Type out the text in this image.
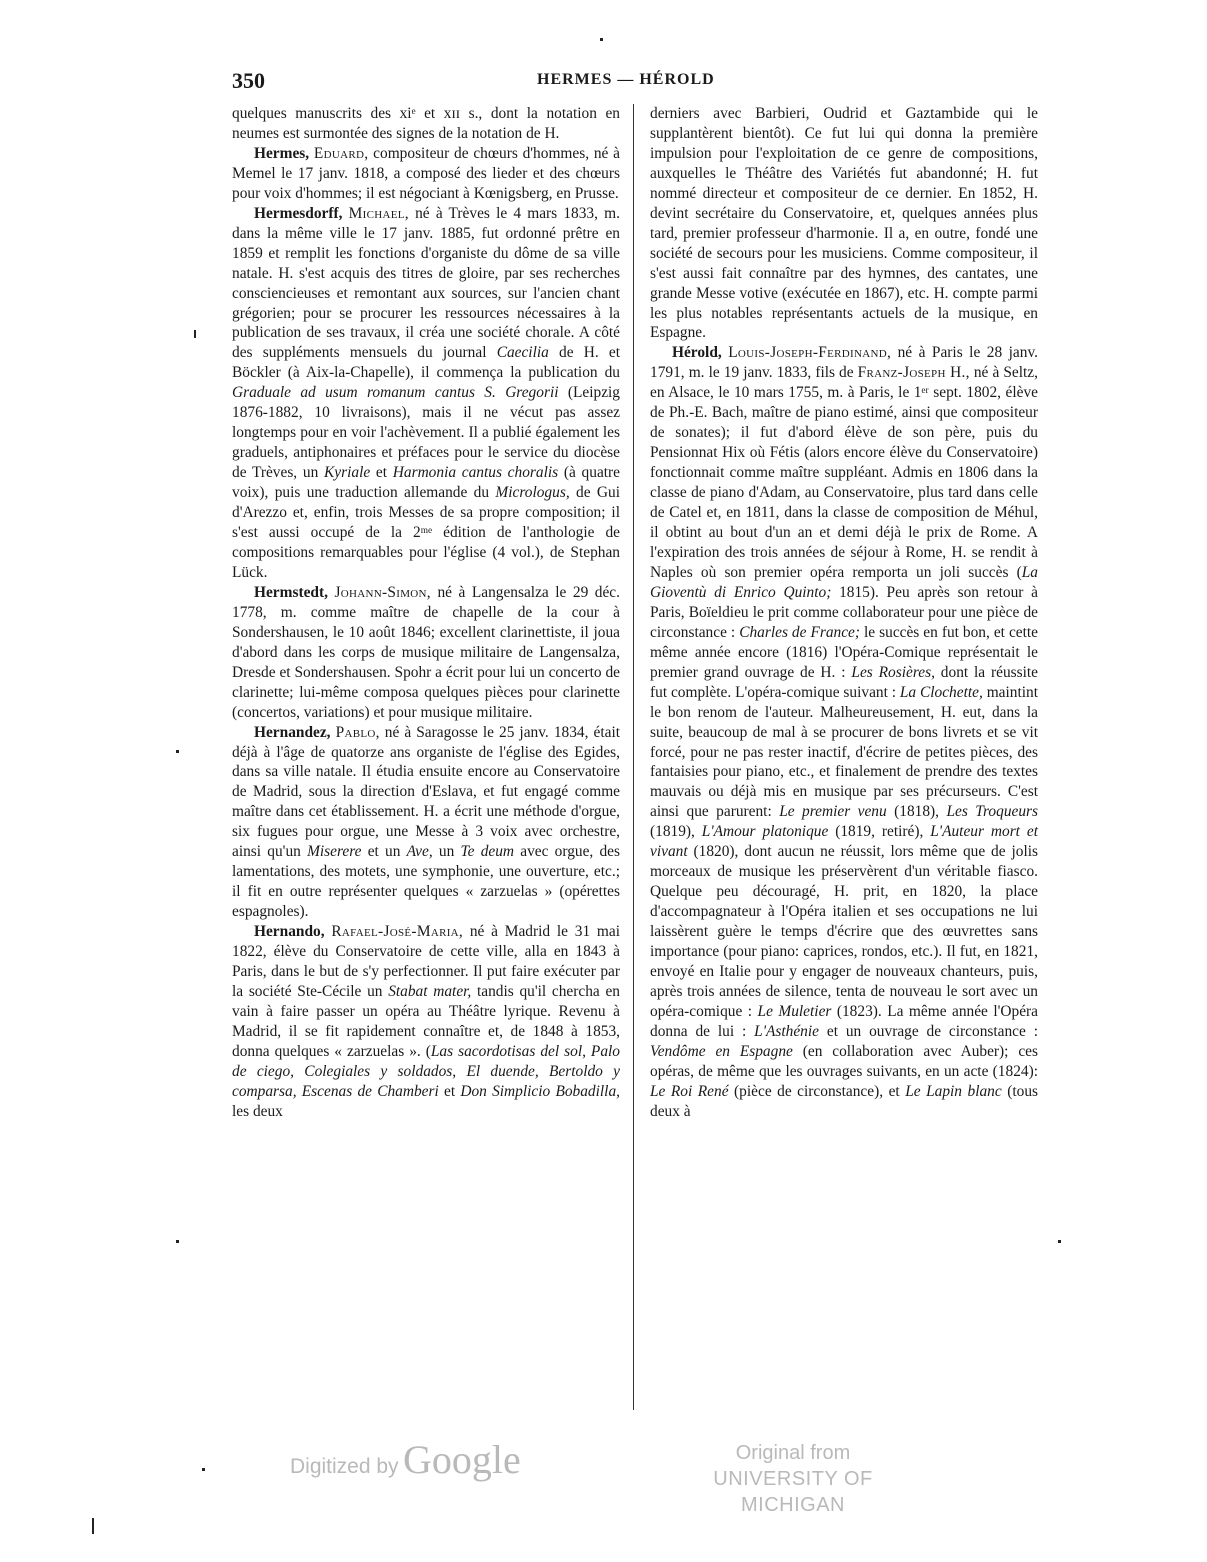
350	HERMES — HÉROLD

quelques manuscrits des xiᵉ et xɪɪ s., dont la notation en neumes est surmontée des signes de la notation de H.

Hermes, Eduard, compositeur de chœurs d'hommes, né à Memel le 17 janv. 1818, a composé des lieder et des chœurs pour voix d'hommes; il est négociant à Kœnigsberg, en Prusse.

Hermesdorff, Michael, né à Trèves le 4 mars 1833, m. dans la même ville le 17 janv. 1885, fut ordonné prêtre en 1859 et remplit les fonctions d'organiste du dôme de sa ville natale. H. s'est acquis des titres de gloire, par ses recherches consciencieuses et remontant aux sources, sur l'ancien chant grégorien; pour se procurer les ressources nécessaires à la publication de ses travaux, il créa une société chorale. A côté des suppléments mensuels du journal Caecilia de H. et Böckler (à Aix-la-Chapelle), il commença la publication du Graduale ad usum romanum cantus S. Gregorii (Leipzig 1876-1882, 10 livraisons), mais il ne vécut pas assez longtemps pour en voir l'achèvement. Il a publié également les graduels, antiphonaires et préfaces pour le service du diocèse de Trèves, un Kyriale et Harmonia cantus choralis (à quatre voix), puis une traduction allemande du Micrologus, de Gui d'Arezzo et, enfin, trois Messes de sa propre composition; il s'est aussi occupé de la 2ᵐᵉ édition de l'anthologie de compositions remarquables pour l'église (4 vol.), de Stephan Lück.

Hermstedt, Johann-Simon, né à Langensalza le 29 déc. 1778, m. comme maître de chapelle de la cour à Sondershausen, le 10 août 1846; excellent clarinettiste, il joua d'abord dans les corps de musique militaire de Langensalza, Dresde et Sondershausen. Spohr a écrit pour lui un concerto de clarinette; lui-même composa quelques pièces pour clarinette (concertos, variations) et pour musique militaire.

Hernandez, Pablo, né à Saragosse le 25 janv. 1834, était déjà à l'âge de quatorze ans organiste de l'église des Egides, dans sa ville natale. Il étudia ensuite encore au Conservatoire de Madrid, sous la direction d'Eslava, et fut engagé comme maître dans cet établissement. H. a écrit une méthode d'orgue, six fugues pour orgue, une Messe à 3 voix avec orchestre, ainsi qu'un Miserere et un Ave, un Te deum avec orgue, des lamentations, des motets, une symphonie, une ouverture, etc.; il fit en outre représenter quelques « zarzuelas » (opérettes espagnoles).

Hernando, Rafael-José-Maria, né à Madrid le 31 mai 1822, élève du Conservatoire de cette ville, alla en 1843 à Paris, dans le but de s'y perfectionner. Il put faire exécuter par la société Ste-Cécile un Stabat mater, tandis qu'il chercha en vain à faire passer un opéra au Théâtre lyrique. Revenu à Madrid, il se fit rapidement connaître et, de 1848 à 1853, donna quelques « zarzuelas ». (Las sacordotisas del sol, Palo de ciego, Colegiales y soldados, El duende, Bertoldo y comparsa, Escenas de Chamberi et Don Simplicio Bobadilla, les deux

derniers avec Barbieri, Oudrid et Gaztambide qui le supplantèrent bientôt). Ce fut lui qui donna la première impulsion pour l'exploitation de ce genre de compositions, auxquelles le Théâtre des Variétés fut abandonné; H. fut nommé directeur et compositeur de ce dernier. En 1852, H. devint secrétaire du Conservatoire, et, quelques années plus tard, premier professeur d'harmonie. Il a, en outre, fondé une société de secours pour les musiciens. Comme compositeur, il s'est aussi fait connaître par des hymnes, des cantates, une grande Messe votive (exécutée en 1867), etc. H. compte parmi les plus notables représentants actuels de la musique, en Espagne.

Hérold, Louis-Joseph-Ferdinand, né à Paris le 28 janv. 1791, m. le 19 janv. 1833, fils de Franz-Joseph H., né à Seltz, en Alsace, le 10 mars 1755, m. à Paris, le 1ᵉʳ sept. 1802, élève de Ph.-E. Bach, maître de piano estimé, ainsi que compositeur de sonates); il fut d'abord élève de son père, puis du Pensionnat Hix où Fétis (alors encore élève du Conservatoire) fonctionnait comme maître suppléant. Admis en 1806 dans la classe de piano d'Adam, au Conservatoire, plus tard dans celle de Catel et, en 1811, dans la classe de composition de Méhul, il obtint au bout d'un an et demi déjà le prix de Rome. A l'expiration des trois années de séjour à Rome, H. se rendit à Naples où son premier opéra remporta un joli succès (La Gioventù di Enrico Quinto; 1815). Peu après son retour à Paris, Boïeldieu le prit comme collaborateur pour une pièce de circonstance : Charles de France; le succès en fut bon, et cette même année encore (1816) l'Opéra-Comique représentait le premier grand ouvrage de H. : Les Rosières, dont la réussite fut complète. L'opéra-comique suivant : La Clochette, maintint le bon renom de l'auteur. Malheureusement, H. eut, dans la suite, beaucoup de mal à se procurer de bons livrets et se vit forcé, pour ne pas rester inactif, d'écrire de petites pièces, des fantaisies pour piano, etc., et finalement de prendre des textes mauvais ou déjà mis en musique par ses précurseurs. C'est ainsi que parurent: Le premier venu (1818), Les Troqueurs (1819), L'Amour platonique (1819, retiré), L'Auteur mort et vivant (1820), dont aucun ne réussit, lors même que de jolis morceaux de musique les préservèrent d'un véritable fiasco. Quelque peu découragé, H. prit, en 1820, la place d'accompagnateur à l'Opéra italien et ses occupations ne lui laissèrent guère le temps d'écrire que des œuvrettes sans importance (pour piano: caprices, rondos, etc.). Il fut, en 1821, envoyé en Italie pour y engager de nouveaux chanteurs, puis, après trois années de silence, tenta de nouveau le sort avec un opéra-comique : Le Muletier (1823). La même année l'Opéra donna de lui : L'Asthénie et un ouvrage de circonstance : Vendôme en Espagne (en collaboration avec Auber); ces opéras, de même que les ouvrages suivants, en un acte (1824): Le Roi René (pièce de circonstance), et Le Lapin blanc (tous deux à

Digitized by Google	Original from
UNIVERSITY OF MICHIGAN
